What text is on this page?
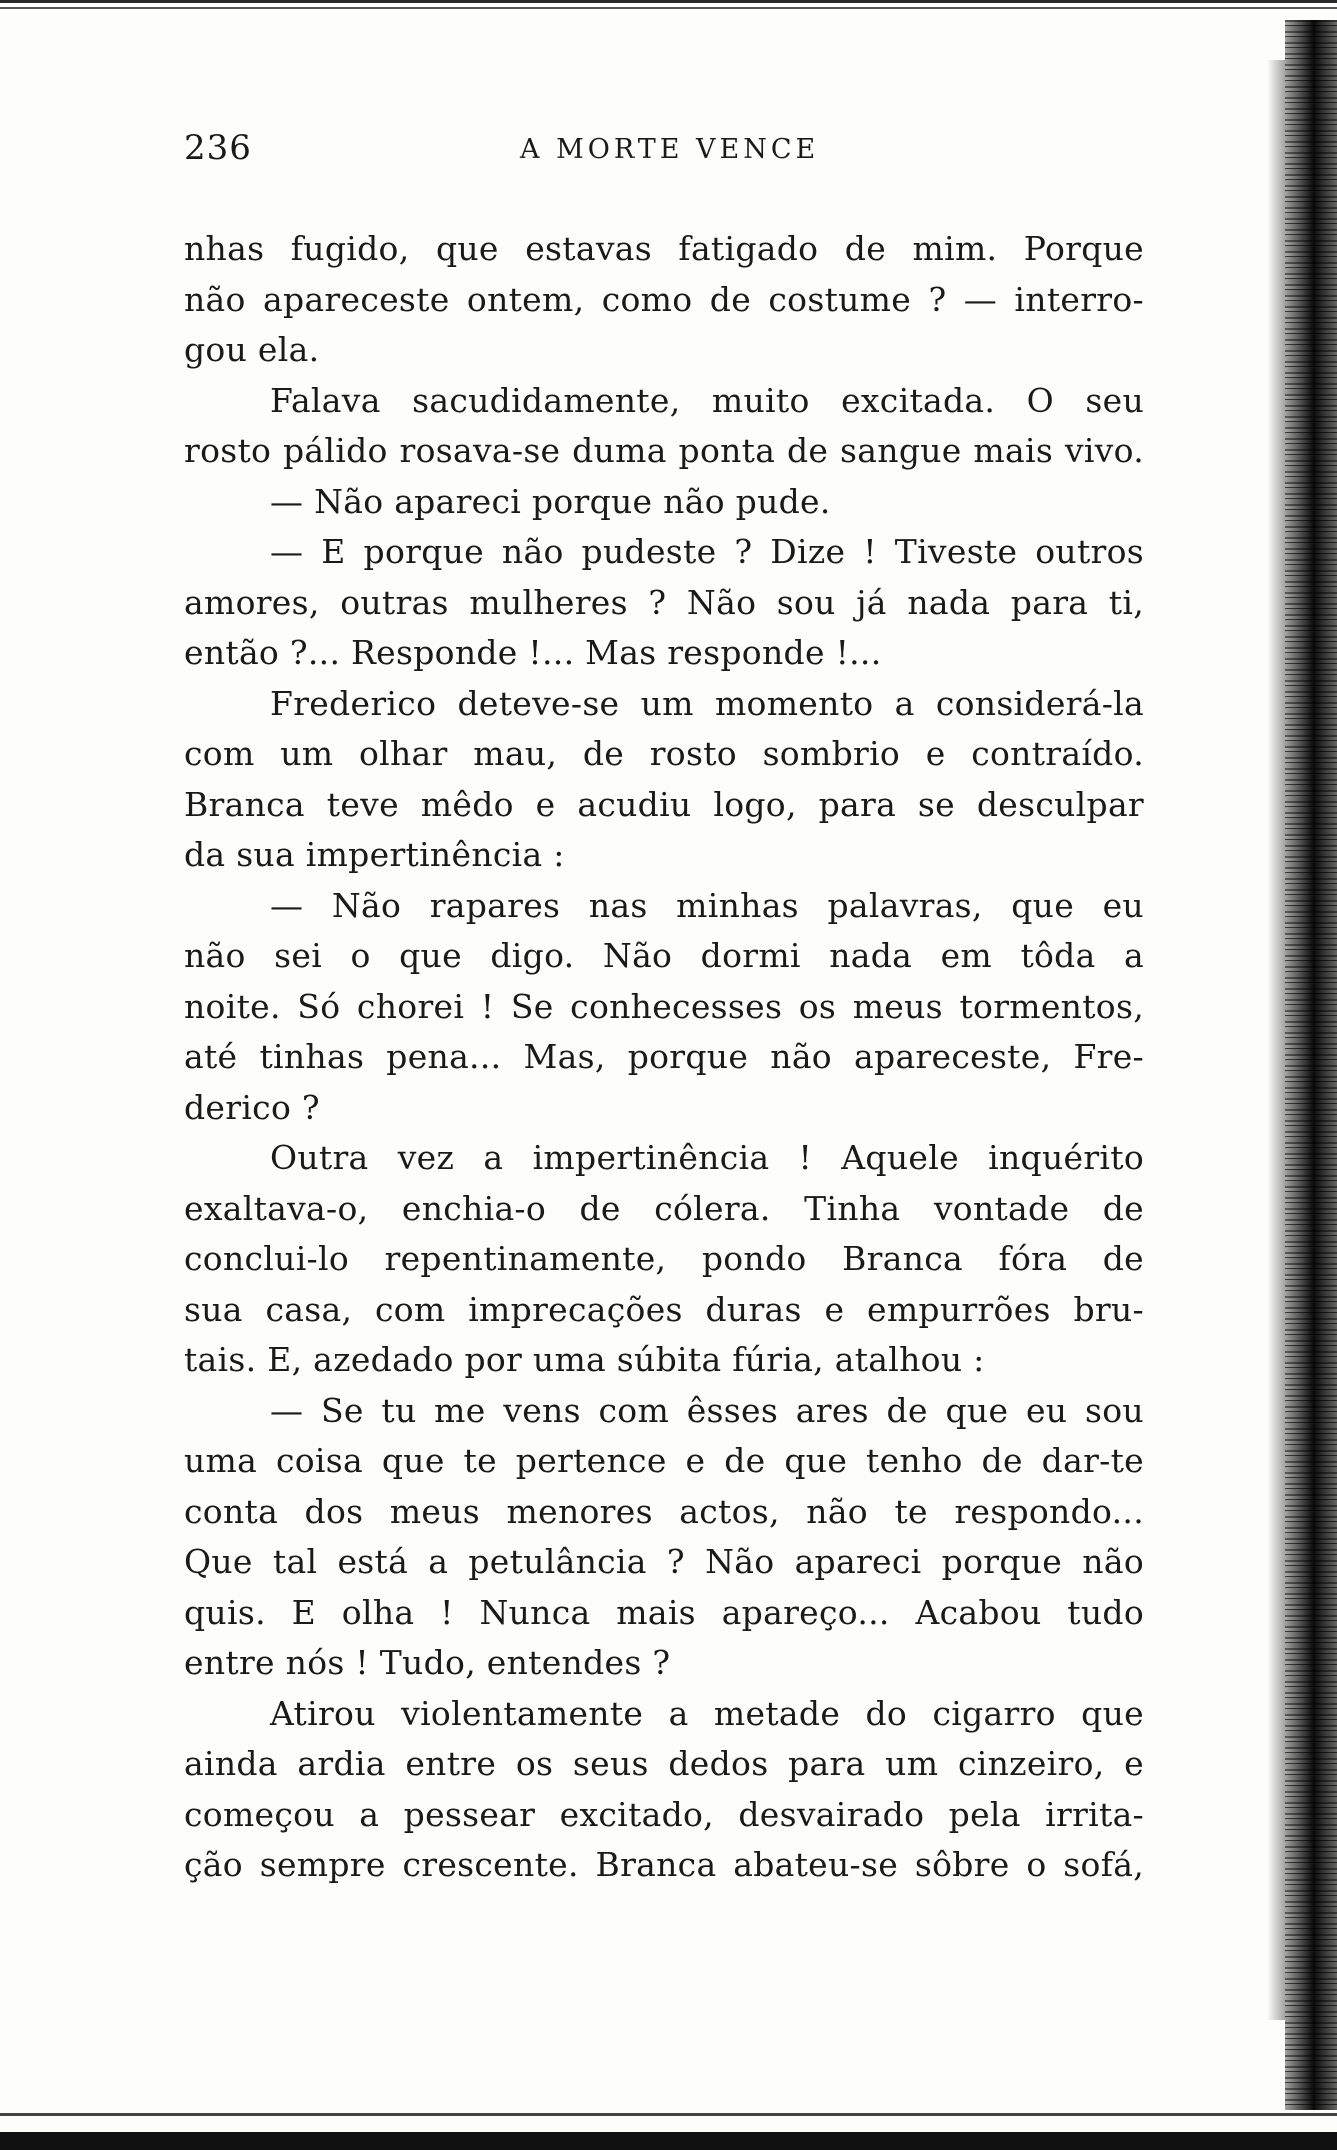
236	A MORTE VENCE
nhas fugido, que estavas fatigado de mim. Porque
não apareceste ontem, como de costume ? — interro-
gou ela.
Falava sacudidamente, muito excitada. O seu
rosto pálido rosava-se duma ponta de sangue mais vivo.
— Não apareci porque não pude.
— E porque não pudeste ? Dize ! Tiveste outros
amores, outras mulheres ? Não sou já nada para ti,
então ?... Responde !... Mas responde !...
Frederico deteve-se um momento a considerá-la
com um olhar mau, de rosto sombrio e contraído.
Branca teve mêdo e acudiu logo, para se desculpar
da sua impertinência :
— Não rapares nas minhas palavras, que eu
não sei o que digo. Não dormi nada em tôda a
noite. Só chorei ! Se conhecesses os meus tormentos,
até tinhas pena... Mas, porque não apareceste, Fre-
derico ?
Outra vez a impertinência ! Aquele inquérito
exaltava-o, enchia-o de cólera. Tinha vontade de
conclui-lo repentinamente, pondo Branca fóra de
sua casa, com imprecações duras e empurrões bru-
tais. E, azedado por uma súbita fúria, atalhou :
— Se tu me vens com êsses ares de que eu sou
uma coisa que te pertence e de que tenho de dar-te
conta dos meus menores actos, não te respondo...
Que tal está a petulância ? Não apareci porque não
quis. E olha ! Nunca mais apareço... Acabou tudo
entre nós ! Tudo, entendes ?
Atirou violentamente a metade do cigarro que
ainda ardia entre os seus dedos para um cinzeiro, e
começou a pessear excitado, desvairado pela irrita-
ção sempre crescente. Branca abateu-se sôbre o sofá,
